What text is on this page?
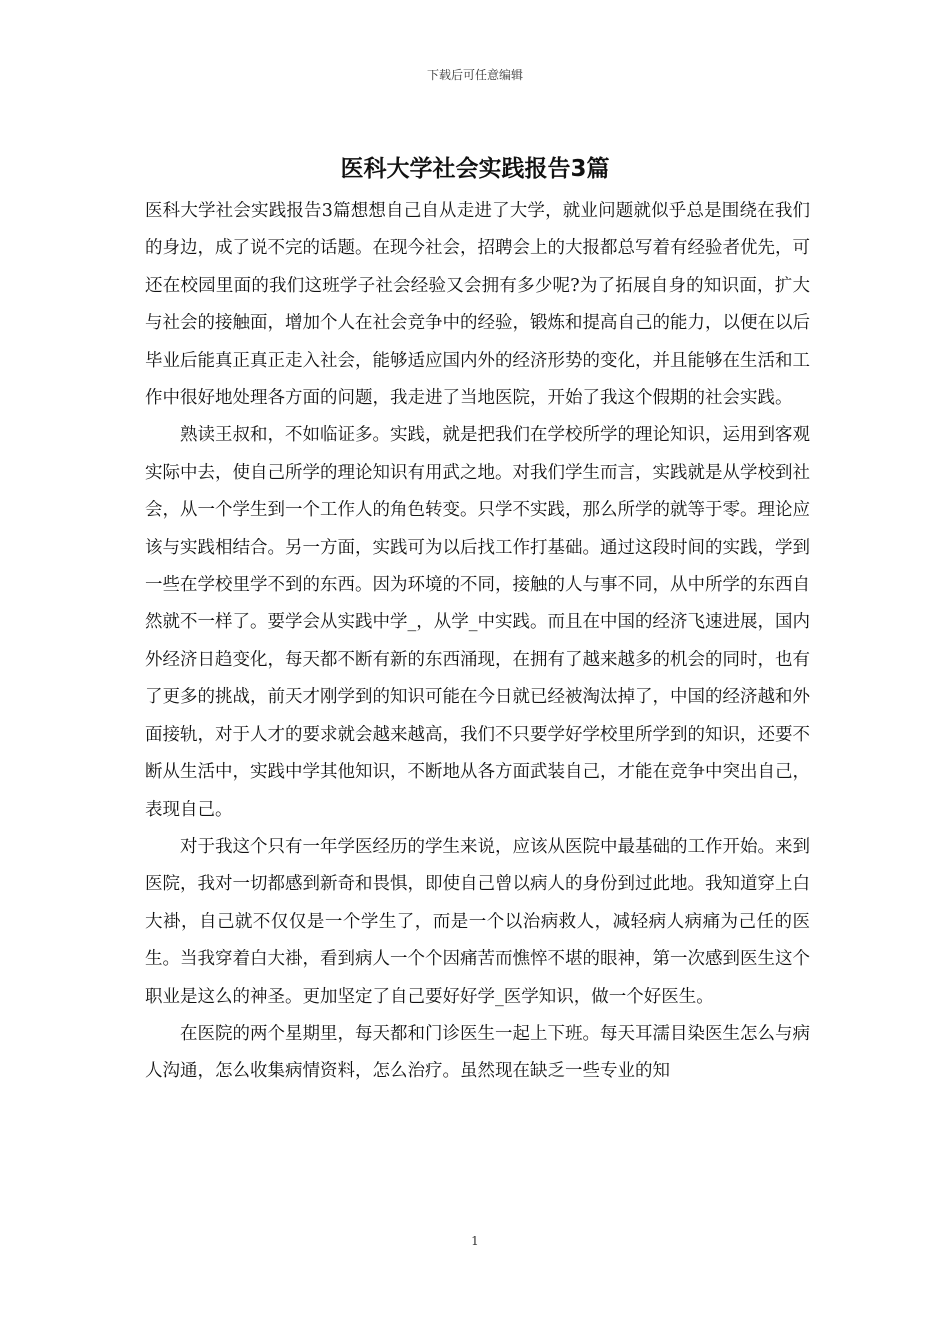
下载后可任意编辑
医科大学社会实践报告3篇

医科大学社会实践报告3篇想想自己自从走进了大学，就业问题就似乎总是围绕在我们的身边，成了说不完的话题。在现今社会，招聘会上的大报都总写着有经验者优先，可还在校园里面的我们这班学子社会经验又会拥有多少呢?为了拓展自身的知识面，扩大与社会的接触面，增加个人在社会竞争中的经验，锻炼和提高自己的能力，以便在以后毕业后能真正真正走入社会，能够适应国内外的经济形势的变化，并且能够在生活和工作中很好地处理各方面的问题，我走进了当地医院，开始了我这个假期的社会实践。

熟读王叔和，不如临证多。实践，就是把我们在学校所学的理论知识，运用到客观实际中去，使自己所学的理论知识有用武之地。对我们学生而言，实践就是从学校到社会，从一个学生到一个工作人的角色转变。只学不实践，那么所学的就等于零。理论应该与实践相结合。另一方面，实践可为以后找工作打基础。通过这段时间的实践，学到一些在学校里学不到的东西。因为环境的不同，接触的人与事不同，从中所学的东西自然就不一样了。要学会从实践中学_，从学_中实践。而且在中国的经济飞速进展，国内外经济日趋变化，每天都不断有新的东西涌现，在拥有了越来越多的机会的同时，也有了更多的挑战，前天才刚学到的知识可能在今日就已经被淘汰掉了，中国的经济越和外面接轨，对于人才的要求就会越来越高，我们不只要学好学校里所学到的知识，还要不断从生活中，实践中学其他知识，不断地从各方面武装自己，才能在竞争中突出自己，表现自己。

对于我这个只有一年学医经历的学生来说，应该从医院中最基础的工作开始。来到医院，我对一切都感到新奇和畏惧，即使自己曾以病人的身份到过此地。我知道穿上白大褂，自己就不仅仅是一个学生了，而是一个以治病救人，减轻病人病痛为己任的医生。当我穿着白大褂，看到病人一个个因痛苦而憔悴不堪的眼神，第一次感到医生这个职业是这么的神圣。更加坚定了自己要好好学_医学知识，做一个好医生。

在医院的两个星期里，每天都和门诊医生一起上下班。每天耳濡目染医生怎么与病人沟通，怎么收集病情资料，怎么治疗。虽然现在缺乏一些专业的知

1
